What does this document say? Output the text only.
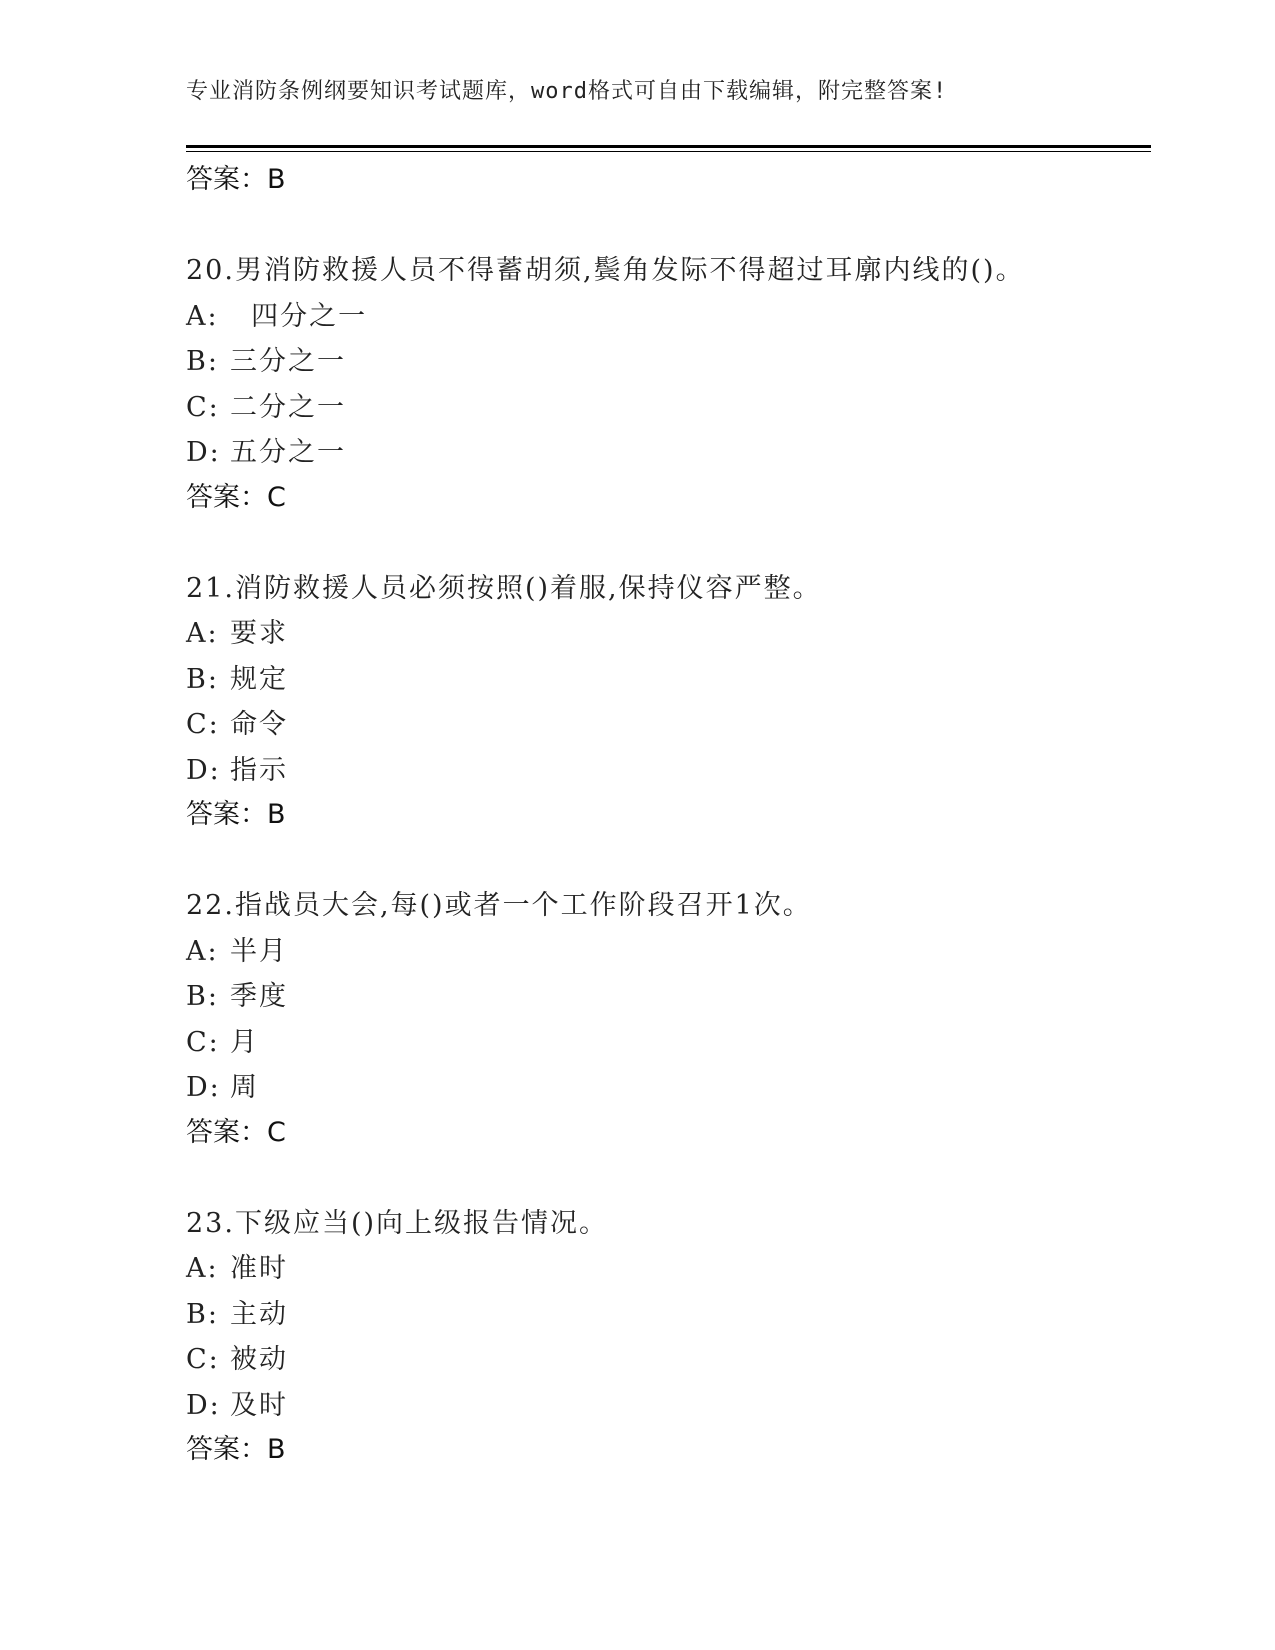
专业消防条例纲要知识考试题库，word格式可自由下载编辑，附完整答案!
答案：B
20.男消防救援人员不得蓄胡须,鬓角发际不得超过耳廓内线的()。
A:  四分之一
B: 三分之一
C: 二分之一
D: 五分之一
答案：C
21.消防救援人员必须按照()着服,保持仪容严整。
A: 要求
B: 规定
C: 命令
D: 指示
答案：B
22.指战员大会,每()或者一个工作阶段召开1次。
A: 半月
B: 季度
C: 月
D: 周
答案：C
23.下级应当()向上级报告情况。
A: 准时
B: 主动
C: 被动
D: 及时
答案：B
